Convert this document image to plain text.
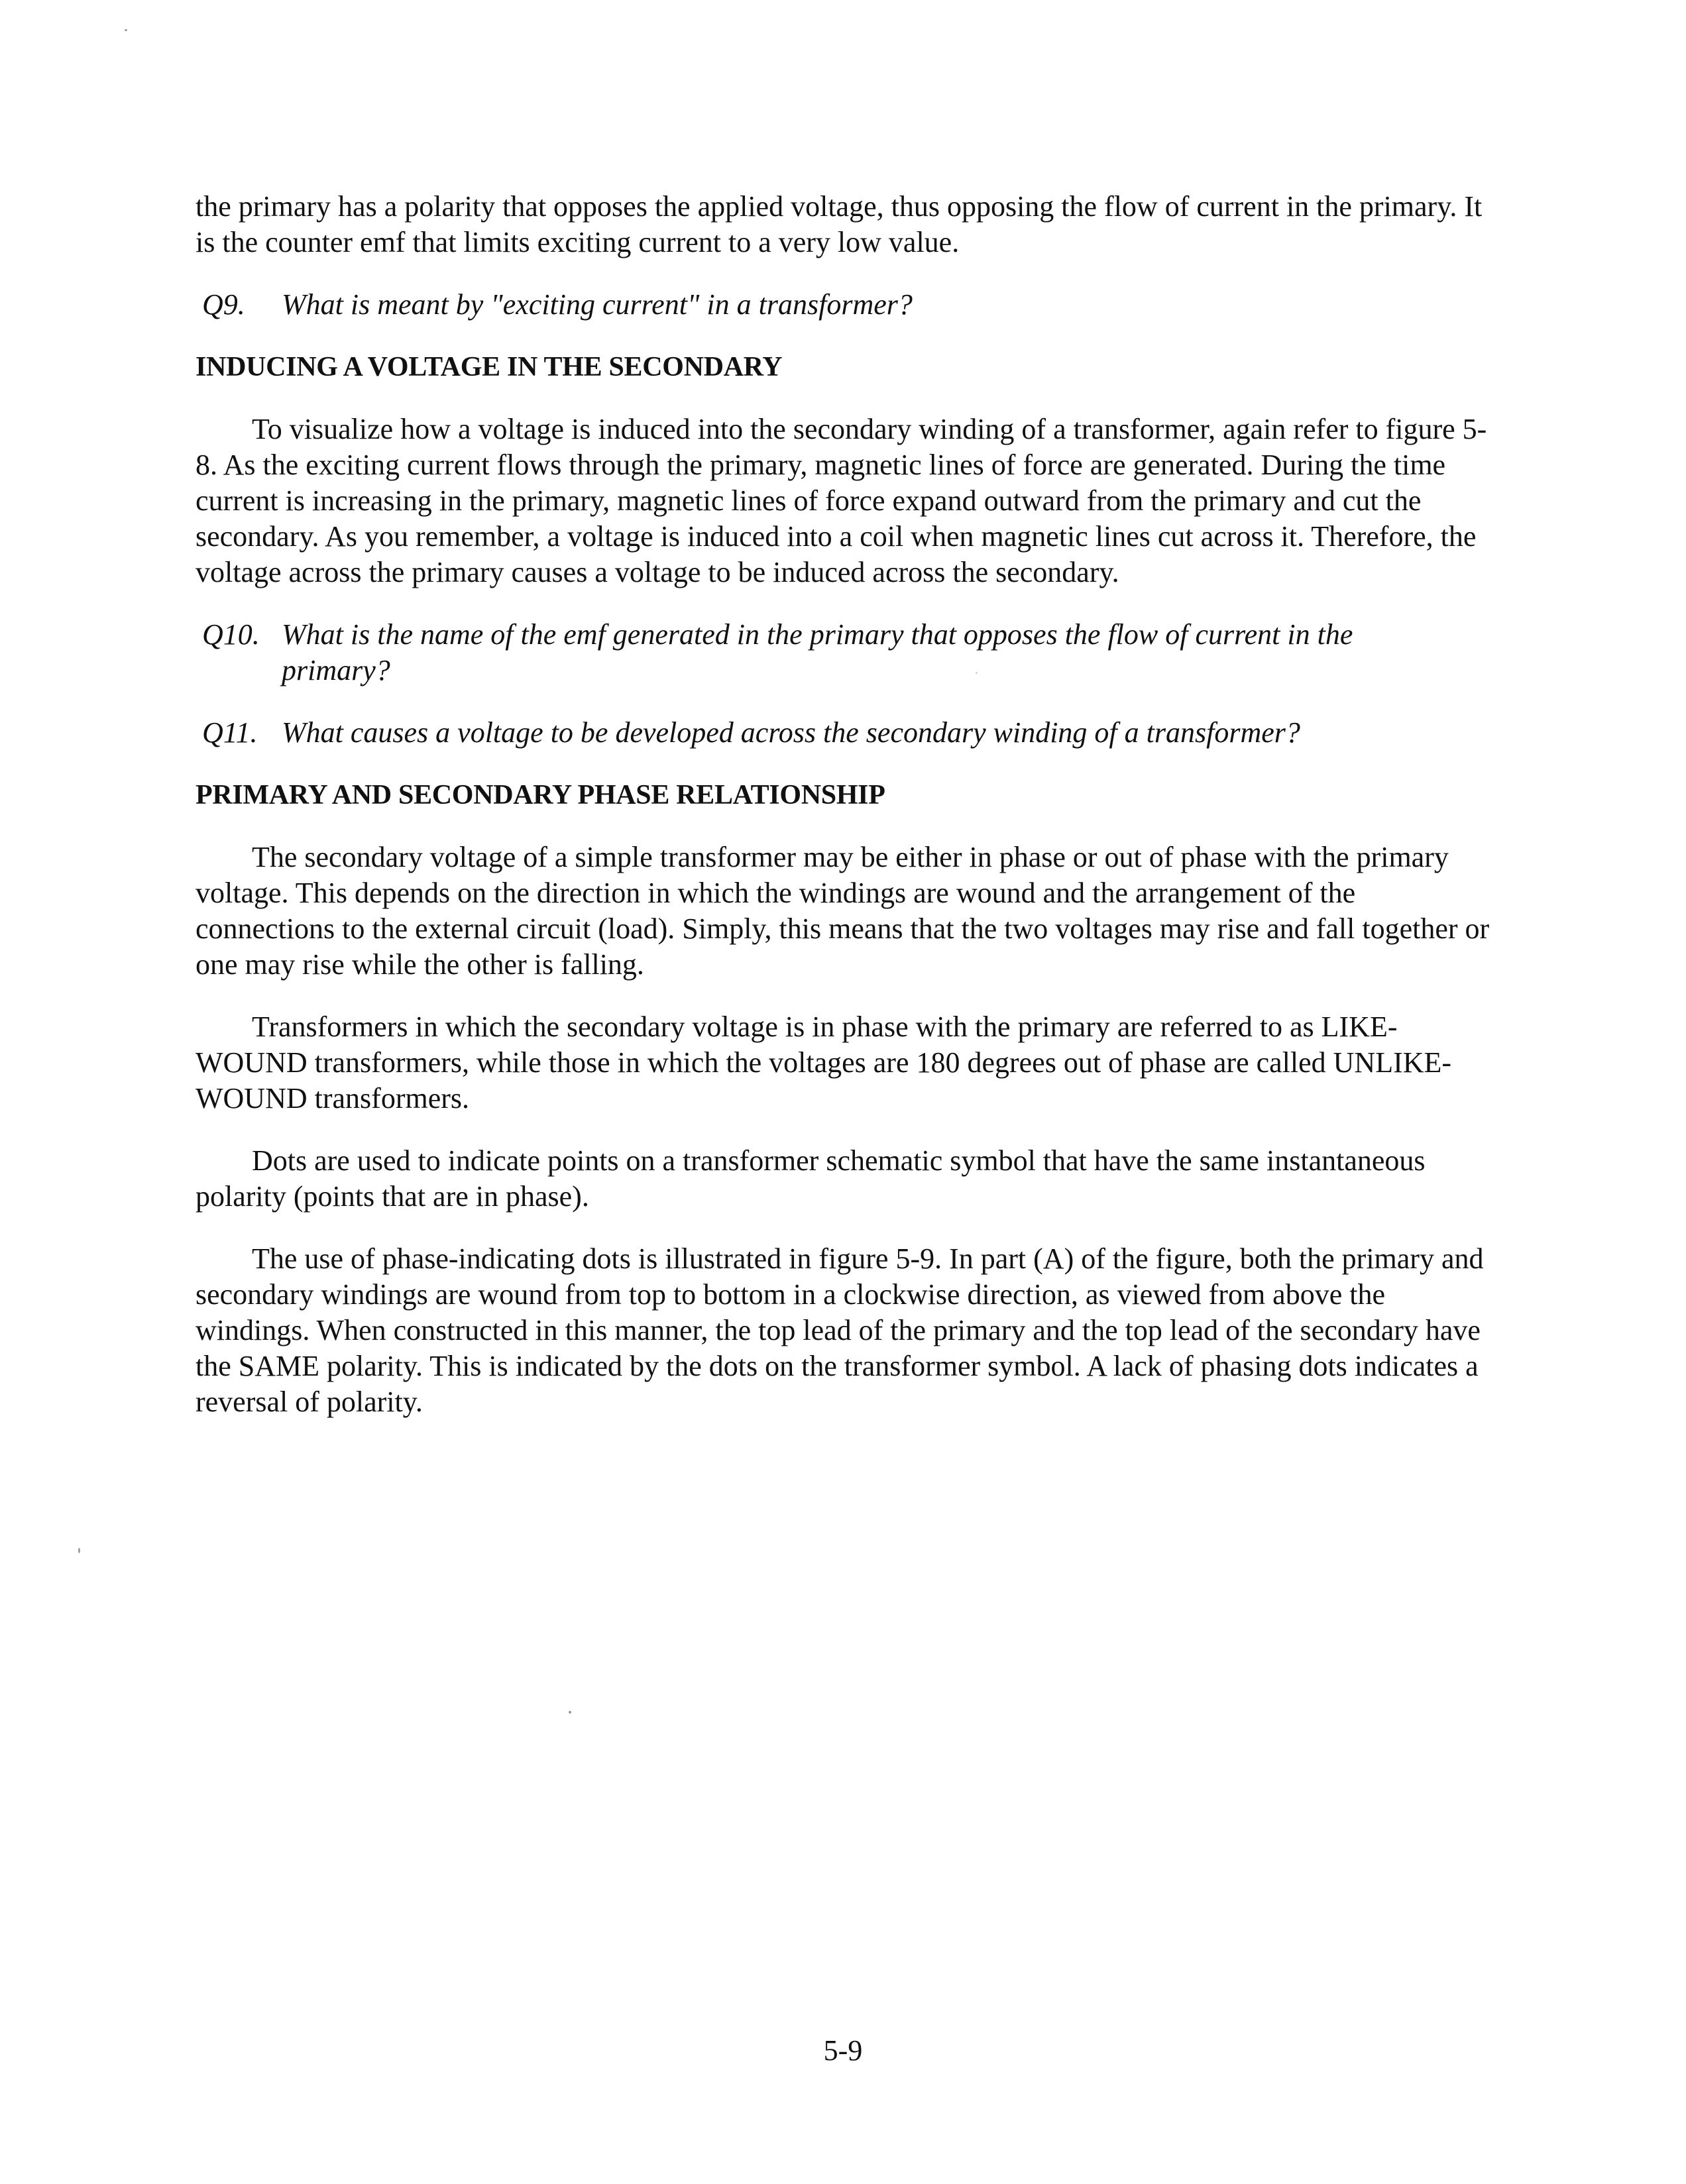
the primary has a polarity that opposes the applied voltage, thus opposing the flow of current in the primary. It is the counter emf that limits exciting current to a very low value.

Q9.	What is meant by "exciting current" in a transformer?
INDUCING A VOLTAGE IN THE SECONDARY

To visualize how a voltage is induced into the secondary winding of a transformer, again refer to figure 5-8. As the exciting current flows through the primary, magnetic lines of force are generated. During the time current is increasing in the primary, magnetic lines of force expand outward from the primary and cut the secondary. As you remember, a voltage is induced into a coil when magnetic lines cut across it. Therefore, the voltage across the primary causes a voltage to be induced across the secondary.

Q10. What is the name of the emf generated in the primary that opposes the flow of current in the primary?
Q11. What causes a voltage to be developed across the secondary winding of a transformer?
PRIMARY AND SECONDARY PHASE RELATIONSHIP

The secondary voltage of a simple transformer may be either in phase or out of phase with the primary voltage. This depends on the direction in which the windings are wound and the arrangement of the connections to the external circuit (load). Simply, this means that the two voltages may rise and fall together or one may rise while the other is falling.

Transformers in which the secondary voltage is in phase with the primary are referred to as LIKE-WOUND transformers, while those in which the voltages are 180 degrees out of phase are called UNLIKE-WOUND transformers.

Dots are used to indicate points on a transformer schematic symbol that have the same instantaneous polarity (points that are in phase).

The use of phase-indicating dots is illustrated in figure 5-9. In part (A) of the figure, both the primary and secondary windings are wound from top to bottom in a clockwise direction, as viewed from above the windings. When constructed in this manner, the top lead of the primary and the top lead of the secondary have the SAME polarity. This is indicated by the dots on the transformer symbol. A lack of phasing dots indicates a reversal of polarity.

5-9
